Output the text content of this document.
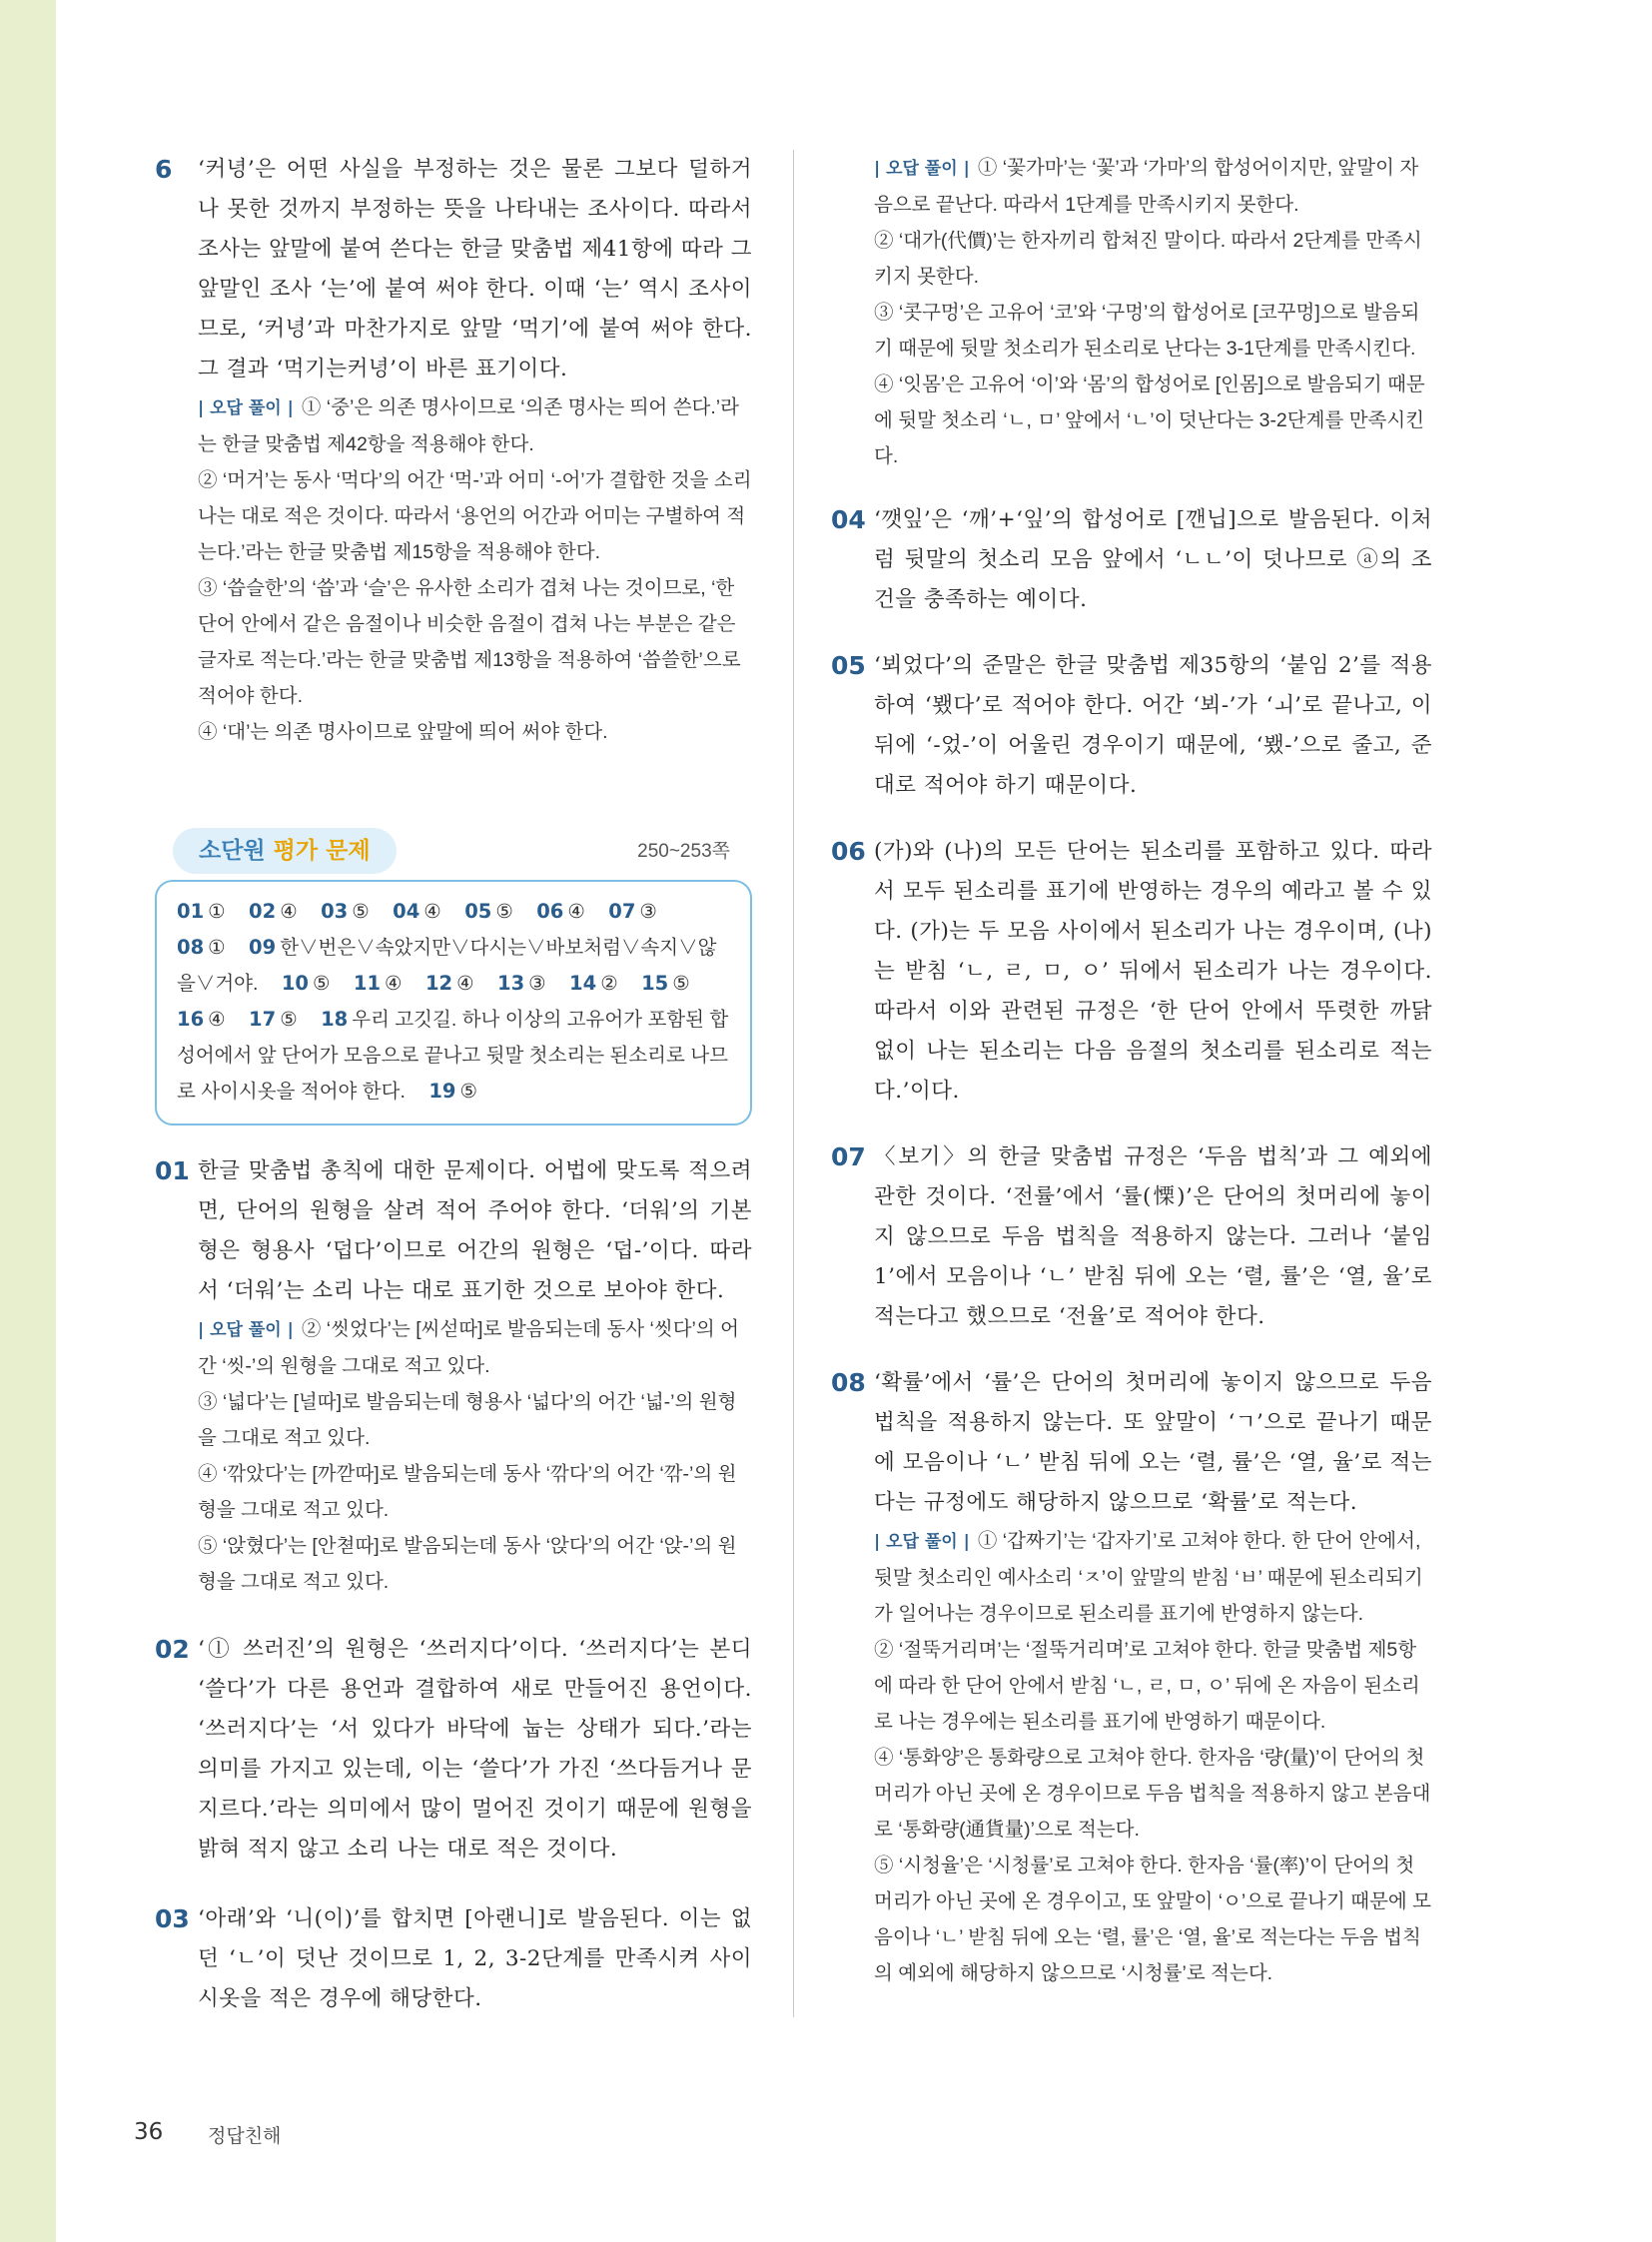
6 ‘커녕’은 어떤 사실을 부정하는 것은 물론 그보다 덜하거나 못한 것까지 부정하는 뜻을 나타내는 조사이다. 따라서 조사는 앞말에 붙여 쓴다는 한글 맞춤법 제41항에 따라 그 앞말인 조사 ‘는’에 붙여 써야 한다. 이때 ‘는’ 역시 조사이므로, ‘커녕’과 마찬가지로 앞말 ‘먹기’에 붙여 써야 한다. 그 결과 ‘먹기는커녕’이 바른 표기이다.

| 오답 풀이 | ① ‘중’은 의존 명사이므로 ‘의존 명사는 띄어 쓴다.’라는 한글 맞춤법 제42항을 적용해야 한다.

② ‘머거’는 동사 ‘먹다’의 어간 ‘먹-’과 어미 ‘-어’가 결합한 것을 소리 나는 대로 적은 것이다. 따라서 ‘용언의 어간과 어미는 구별하여 적는다.’라는 한글 맞춤법 제15항을 적용해야 한다.

③ ‘씁슬한’의 ‘씁’과 ‘슬’은 유사한 소리가 겹쳐 나는 것이므로, ‘한 단어 안에서 같은 음절이나 비슷한 음절이 겹쳐 나는 부분은 같은 글자로 적는다.’라는 한글 맞춤법 제13항을 적용하여 ‘씁쓸한’으로 적어야 한다.

④ ‘대’는 의존 명사이므로 앞말에 띄어 써야 한다.

소단원 평가 문제	250~253쪽
01 ① 02 ④ 03 ⑤ 04 ④ 05 ⑤ 06 ④ 07 ③ 08 ① 09 한∨번은∨속았지만∨다시는∨바보처럼∨속지∨않을∨거야. 10 ⑤ 11 ④ 12 ④ 13 ③ 14 ② 15 ⑤ 16 ④ 17 ⑤ 18 우리 고깃길. 하나 이상의 고유어가 포함된 합성어에서 앞 단어가 모음으로 끝나고 뒷말 첫소리는 된소리로 나므로 사이시옷을 적어야 한다. 19 ⑤
01 한글 맞춤법 총칙에 대한 문제이다. 어법에 맞도록 적으려면, 단어의 원형을 살려 적어 주어야 한다. ‘더워’의 기본형은 형용사 ‘덥다’이므로 어간의 원형은 ‘덥-’이다. 따라서 ‘더워’는 소리 나는 대로 표기한 것으로 보아야 한다.

| 오답 풀이 | ② ‘씻었다’는 [씨섣따]로 발음되는데 동사 ‘씻다’의 어간 ‘씻-’의 원형을 그대로 적고 있다.

③ ‘넓다’는 [널따]로 발음되는데 형용사 ‘넓다’의 어간 ‘넓-’의 원형을 그대로 적고 있다.

④ ‘깎았다’는 [까깓따]로 발음되는데 동사 ‘깎다’의 어간 ‘깎-’의 원형을 그대로 적고 있다.

⑤ ‘앉혔다’는 [안쳗따]로 발음되는데 동사 ‘앉다’의 어간 ‘앉-’의 원형을 그대로 적고 있다.

02 ‘ⓛ 쓰러진’의 원형은 ‘쓰러지다’이다. ‘쓰러지다’는 본디 ‘쓸다’가 다른 용언과 결합하여 새로 만들어진 용언이다. ‘쓰러지다’는 ‘서 있다가 바닥에 눕는 상태가 되다.’라는 의미를 가지고 있는데, 이는 ‘쓸다’가 가진 ‘쓰다듬거나 문지르다.’라는 의미에서 많이 멀어진 것이기 때문에 원형을 밝혀 적지 않고 소리 나는 대로 적은 것이다.

03 ‘아래’와 ‘니(이)’를 합치면 [아랜니]로 발음된다. 이는 없던 ‘ㄴ’이 덧난 것이므로 1, 2, 3-2단계를 만족시켜 사이시옷을 적은 경우에 해당한다.

| 오답 풀이 | ① ‘꽃가마’는 ‘꽃’과 ‘가마’의 합성어이지만, 앞말이 자음으로 끝난다. 따라서 1단계를 만족시키지 못한다.

② ‘대가(代價)’는 한자끼리 합쳐진 말이다. 따라서 2단계를 만족시키지 못한다.

③ ‘콧구멍’은 고유어 ‘코’와 ‘구멍’의 합성어로 [코꾸멍]으로 발음되기 때문에 뒷말 첫소리가 된소리로 난다는 3-1단계를 만족시킨다.

④ ‘잇몸’은 고유어 ‘이’와 ‘몸’의 합성어로 [인몸]으로 발음되기 때문에 뒷말 첫소리 ‘ㄴ, ㅁ’ 앞에서 ‘ㄴ’이 덧난다는 3-2단계를 만족시킨다.

04 ‘깻잎’은 ‘깨’+‘잎’의 합성어로 [깬닙]으로 발음된다. 이처럼 뒷말의 첫소리 모음 앞에서 ‘ㄴㄴ’이 덧나므로 ⓐ의 조건을 충족하는 예이다.

05 ‘뵈었다’의 준말은 한글 맞춤법 제35항의 ‘붙임 2’를 적용하여 ‘뵀다’로 적어야 한다. 어간 ‘뵈-’가 ‘ㅚ’로 끝나고, 이 뒤에 ‘-었-’이 어울린 경우이기 때문에, ‘뵀-’으로 줄고, 준 대로 적어야 하기 때문이다.

06 (가)와 (나)의 모든 단어는 된소리를 포함하고 있다. 따라서 모두 된소리를 표기에 반영하는 경우의 예라고 볼 수 있다. (가)는 두 모음 사이에서 된소리가 나는 경우이며, (나)는 받침 ‘ㄴ, ㄹ, ㅁ, ㅇ’ 뒤에서 된소리가 나는 경우이다. 따라서 이와 관련된 규정은 ‘한 단어 안에서 뚜렷한 까닭 없이 나는 된소리는 다음 음절의 첫소리를 된소리로 적는다.’이다.

07 〈보기〉의 한글 맞춤법 규정은 ‘두음 법칙’과 그 예외에 관한 것이다. ‘전률’에서 ‘률(慄)’은 단어의 첫머리에 놓이지 않으므로 두음 법칙을 적용하지 않는다. 그러나 ‘붙임 1’에서 모음이나 ‘ㄴ’ 받침 뒤에 오는 ‘렬, 률’은 ‘열, 율’로 적는다고 했으므로 ‘전율’로 적어야 한다.

08 ‘확률’에서 ‘률’은 단어의 첫머리에 놓이지 않으므로 두음 법칙을 적용하지 않는다. 또 앞말이 ‘ㄱ’으로 끝나기 때문에 모음이나 ‘ㄴ’ 받침 뒤에 오는 ‘렬, 률’은 ‘열, 율’로 적는다는 규정에도 해당하지 않으므로 ‘확률’로 적는다.

| 오답 풀이 | ① ‘갑짜기’는 ‘갑자기’로 고쳐야 한다. 한 단어 안에서, 뒷말 첫소리인 예사소리 ‘ㅈ’이 앞말의 받침 ‘ㅂ’ 때문에 된소리되기가 일어나는 경우이므로 된소리를 표기에 반영하지 않는다.

② ‘절뚝거리며’는 ‘절뚝거리며’로 고쳐야 한다. 한글 맞춤법 제5항에 따라 한 단어 안에서 받침 ‘ㄴ, ㄹ, ㅁ, ㅇ’ 뒤에 온 자음이 된소리로 나는 경우에는 된소리를 표기에 반영하기 때문이다.

④ ‘통화양’은 통화량으로 고쳐야 한다. 한자음 ‘량(量)’이 단어의 첫머리가 아닌 곳에 온 경우이므로 두음 법칙을 적용하지 않고 본음대로 ‘통화량(通貨量)’으로 적는다.

⑤ ‘시청율’은 ‘시청률’로 고쳐야 한다. 한자음 ‘률(率)’이 단어의 첫머리가 아닌 곳에 온 경우이고, 또 앞말이 ‘ㅇ’으로 끝나기 때문에 모음이나 ‘ㄴ’ 받침 뒤에 오는 ‘렬, 률’은 ‘열, 율’로 적는다는 두음 법칙의 예외에 해당하지 않으므로 ‘시청률’로 적는다.

36 정답친해
